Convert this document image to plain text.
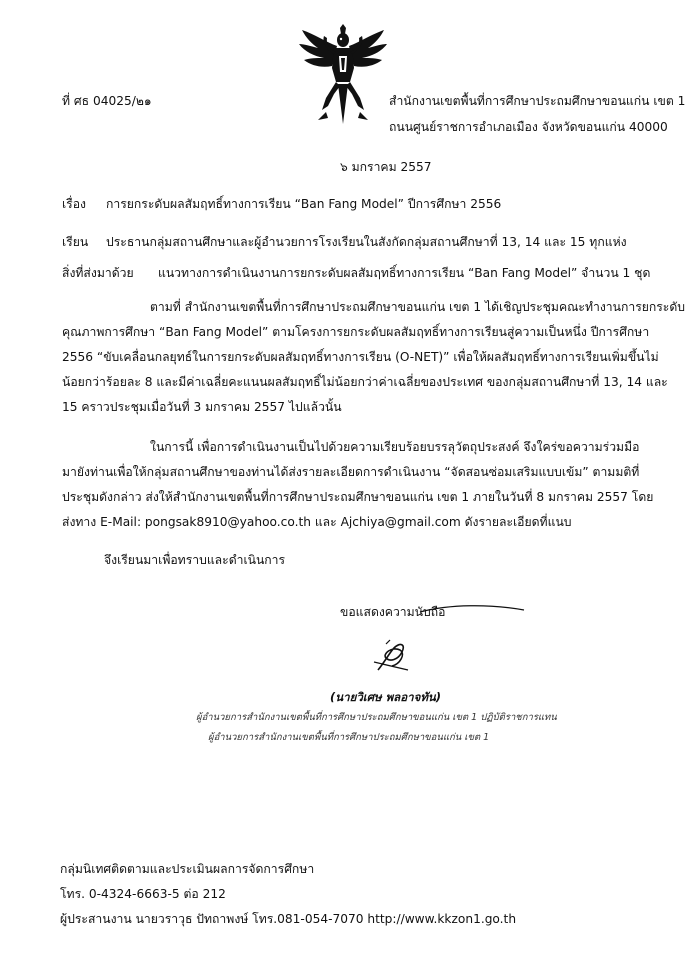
ที่ ศธ 04025/๒๑	สำนักงานเขตพื้นที่การศึกษาประถมศึกษาขอนแก่น เขต 1
ถนนศูนย์ราชการอำเภอเมือง จังหวัดขอนแก่น 40000
๖ มกราคม 2557
เรื่อง การยกระดับผลสัมฤทธิ์ทางการเรียน “Ban Fang Model” ปีการศึกษา 2556
เรียน ประธานกลุ่มสถานศึกษาและผู้อำนวยการโรงเรียนในสังกัดกลุ่มสถานศึกษาที่ 13, 14 และ 15 ทุกแห่ง
สิ่งที่ส่งมาด้วย แนวทางการดำเนินงานการยกระดับผลสัมฤทธิ์ทางการเรียน “Ban Fang Model” จำนวน 1 ชุด
ตามที่ สำนักงานเขตพื้นที่การศึกษาประถมศึกษาขอนแก่น เขต 1 ได้เชิญประชุมคณะทำงานการยกระดับ
คุณภาพการศึกษา “Ban Fang Model” ตามโครงการยกระดับผลสัมฤทธิ์ทางการเรียนสู่ความเป็นหนึ่ง ปีการศึกษา
2556 “ขับเคลื่อนกลยุทธ์ในการยกระดับผลสัมฤทธิ์ทางการเรียน (O-NET)” เพื่อให้ผลสัมฤทธิ์ทางการเรียนเพิ่มขึ้นไม่
น้อยกว่าร้อยละ 8 และมีค่าเฉลี่ยคะแนนผลสัมฤทธิ์ไม่น้อยกว่าค่าเฉลี่ยของประเทศ ของกลุ่มสถานศึกษาที่ 13, 14 และ
15 คราวประชุมเมื่อวันที่ 3 มกราคม 2557 ไปแล้วนั้น
ในการนี้ เพื่อการดำเนินงานเป็นไปด้วยความเรียบร้อยบรรลุวัตถุประสงค์ จึงใคร่ขอความร่วมมือ
มายังท่านเพื่อให้กลุ่มสถานศึกษาของท่านได้ส่งรายละเอียดการดำเนินงาน “จัดสอนซ่อมเสริมแบบเข้ม” ตามมติที่
ประชุมดังกล่าว ส่งให้สำนักงานเขตพื้นที่การศึกษาประถมศึกษาขอนแก่น เขต 1 ภายในวันที่ 8 มกราคม 2557 โดย
ส่งทาง E-Mail: pongsak8910@yahoo.co.th และ Ajchiya@gmail.com ดังรายละเอียดที่แนบ
จึงเรียนมาเพื่อทราบและดำเนินการ
ขอแสดงความนับถือ
(นายวิเศษ พลอาจทัน)
ผู้อำนวยการสำนักงานเขตพื้นที่การศึกษาประถมศึกษาขอนแก่น เขต 1 ปฏิบัติราชการแทน
ผู้อำนวยการสำนักงานเขตพื้นที่การศึกษาประถมศึกษาขอนแก่น เขต 1
กลุ่มนิเทศติดตามและประเมินผลการจัดการศึกษา
โทร. 0-4324-6663-5 ต่อ 212
ผู้ประสานงาน นายวราวุธ ปัทถาพงษ์ โทร.081-054-7070 http://www.kkzon1.go.th
